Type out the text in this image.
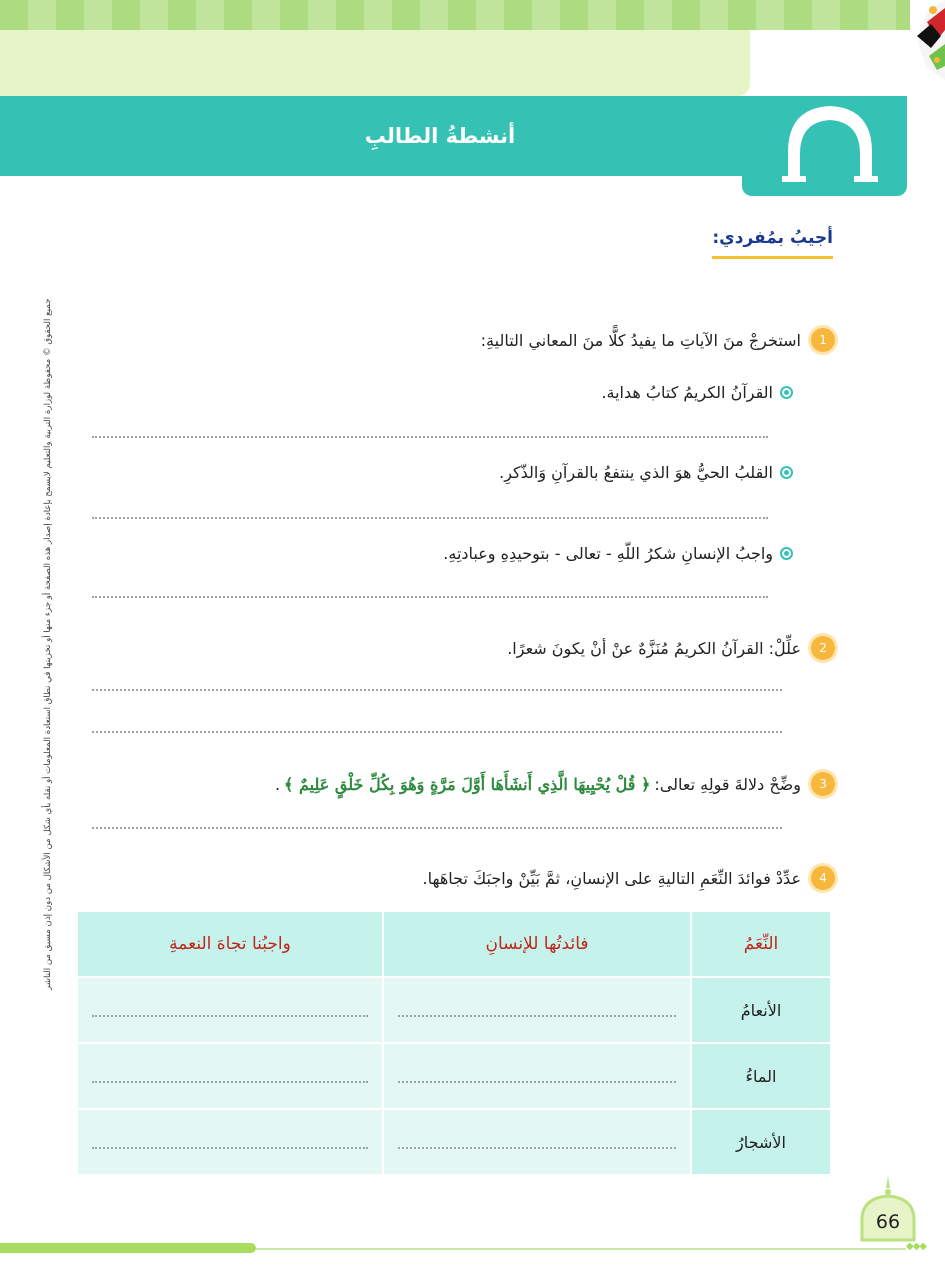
أنشطةُ الطالبِ
أجيبُ بمُفردي:
جميع الحقوق © محفوظة لوزارة التربية والتعليم لايسمح بإعادة إصدار هذه الصفحة أو جزء منها أو تخزينها في نطاق استعادة المعلومات أو نقله بأي شكل من الأشكال من دون إذن مسبق من الناشر	1
استخرجْ منَ الآياتِ ما يفيدُ كلًّا منَ المعاني التاليةِ:
القرآنُ الكريمُ كتابُ هداية.
القلبُ الحيُّ هوَ الذي ينتفعُ بالقرآنِ وَالذّكرِ.
واجبُ الإنسانِ شكرُ اللّهِ - تعالى - بتوحيدِهِ وعبادتِهِ.
2
علِّلْ: القرآنُ الكريمُ مُنَزَّهٌ عنْ أنْ يكونَ شعرًا.
3
وضِّحْ دلالةَ قولِهِ تعالى:
﴿ قُلْ يُحْيِيهَا الَّذِي أَنشَأَهَا أَوَّلَ مَرَّةٍ وَهُوَ بِكُلِّ خَلْقٍ عَلِيمٌ ﴾
.
4
عدِّدْ فوائدَ النِّعَمِ التاليةِ على الإنسانِ، ثمَّ بَيِّنْ واجبَكَ تجاهَها.
النِّعَمُ	فائدتُها للإنسانِ	واجبُنا تجاهَ النعمةِ
الأنعامُ	

الماءُ	

الأشجارُ	

66
◆◆◆
